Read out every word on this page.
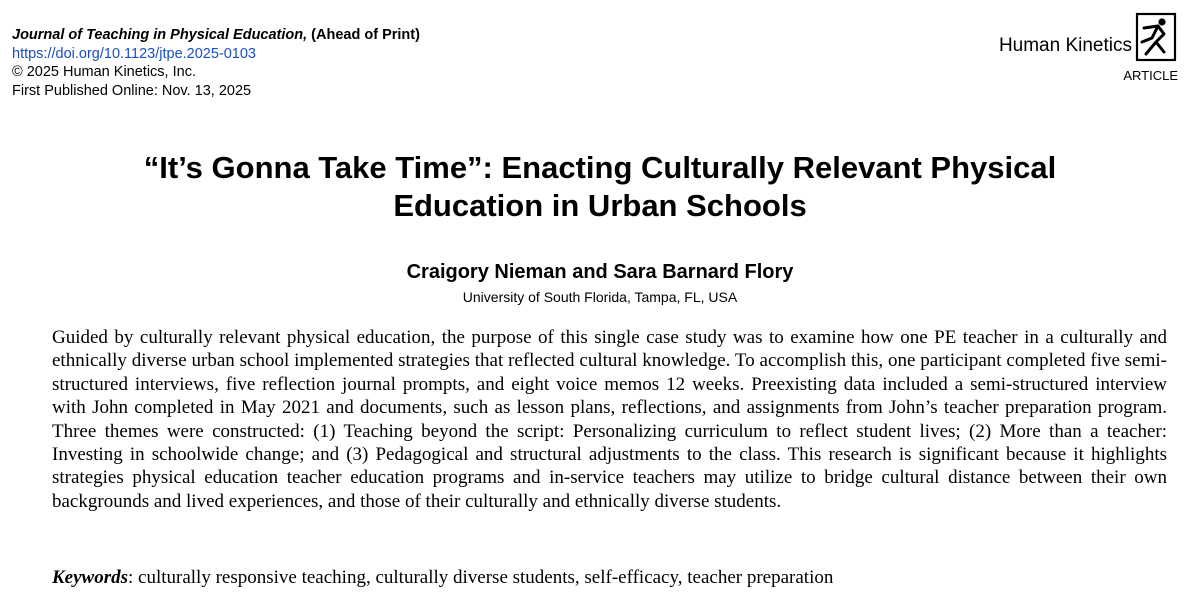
Journal of Teaching in Physical Education, (Ahead of Print)
https://doi.org/10.1123/jtpe.2025-0103
© 2025 Human Kinetics, Inc.
First Published Online: Nov. 13, 2025
Human Kinetics
ARTICLE
“It’s Gonna Take Time”: Enacting Culturally Relevant Physical
Education in Urban Schools
Craigory Nieman and Sara Barnard Flory
University of South Florida, Tampa, FL, USA

Guided by culturally relevant physical education, the purpose of this single case study was to examine how one PE teacher in a culturally and ethnically diverse urban school implemented strategies that reflected cultural knowledge. To accomplish this, one participant completed five semi-structured interviews, five reflection journal prompts, and eight voice memos 12 weeks. Preexisting data included a semi-structured interview with John completed in May 2021 and documents, such as lesson plans, reflections, and assignments from John’s teacher preparation program. Three themes were constructed: (1) Teaching beyond the script: Personalizing curriculum to reflect student lives; (2) More than a teacher: Investing in schoolwide change; and (3) Pedagogical and structural adjustments to the class. This research is significant because it highlights strategies physical education teacher education programs and in-service teachers may utilize to bridge cultural distance between their own backgrounds and lived experiences, and those of their culturally and ethnically diverse students.

Keywords: culturally responsive teaching, culturally diverse students, self-efficacy, teacher preparation
